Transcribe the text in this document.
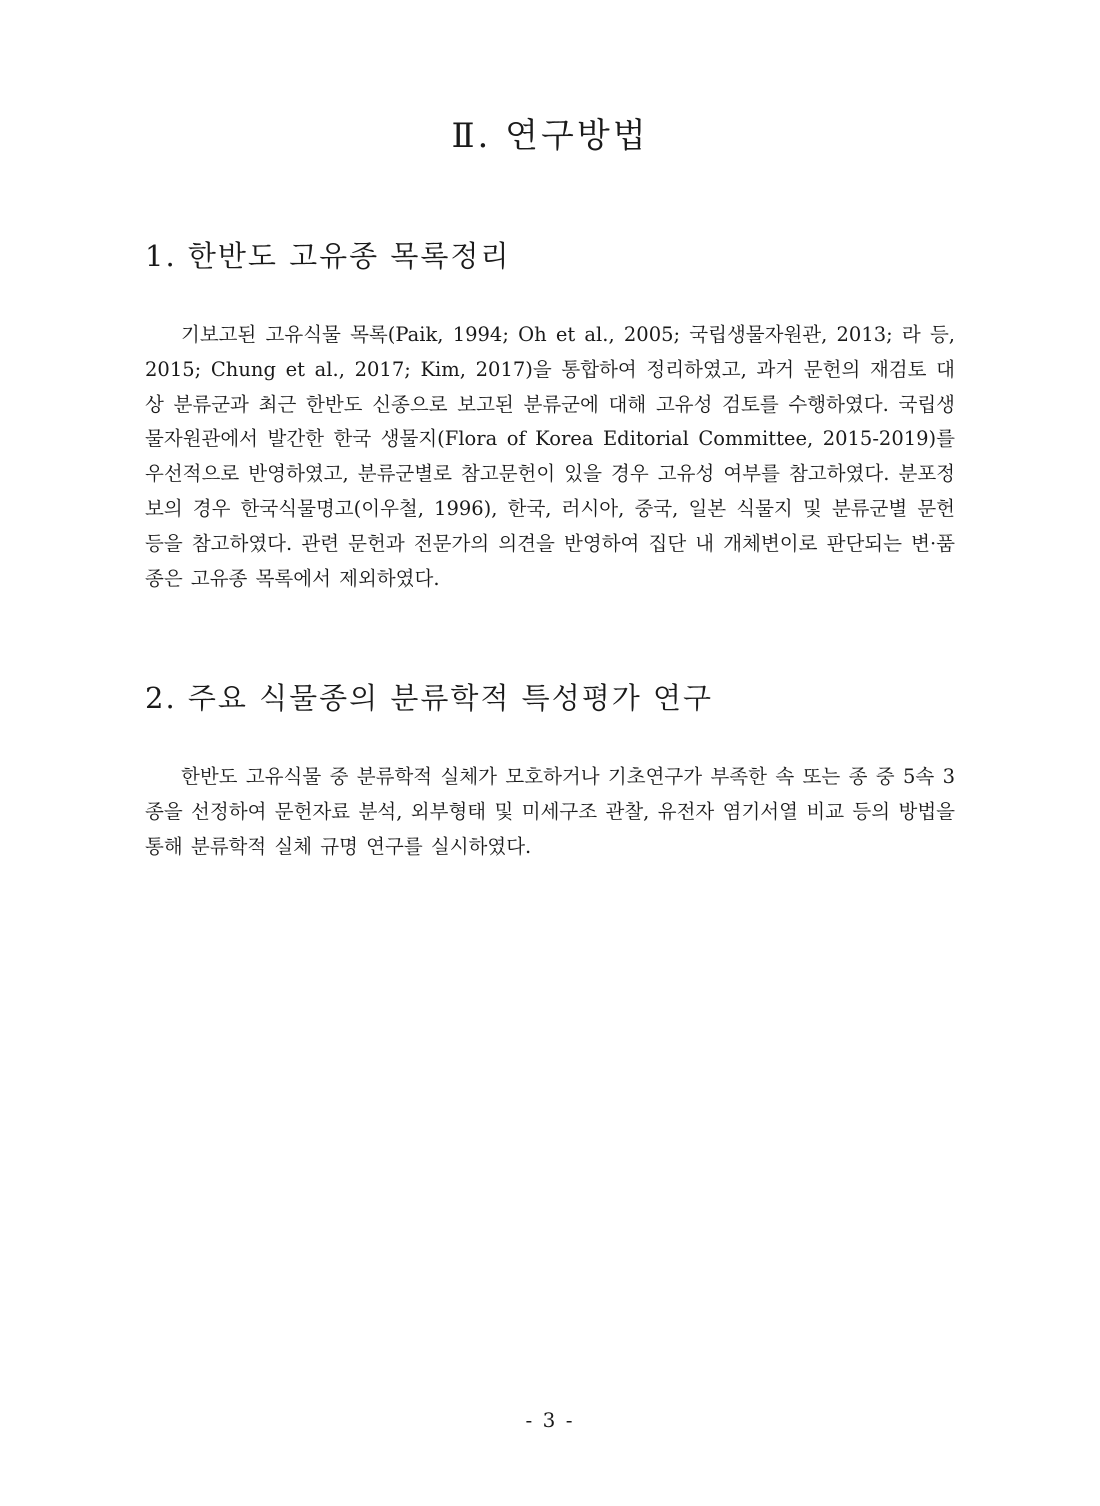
Ⅱ. 연구방법
1. 한반도 고유종 목록정리

기보고된 고유식물 목록(Paik, 1994; Oh et al., 2005; 국립생물자원관, 2013; 라 등, 2015; Chung et al., 2017; Kim, 2017)을 통합하여 정리하였고, 과거 문헌의 재검토 대상 분류군과 최근 한반도 신종으로 보고된 분류군에 대해 고유성 검토를 수행하였다. 국립생물자원관에서 발간한 한국 생물지(Flora of Korea Editorial Committee, 2015-2019)를 우선적으로 반영하였고, 분류군별로 참고문헌이 있을 경우 고유성 여부를 참고하였다. 분포정보의 경우 한국식물명고(이우철, 1996), 한국, 러시아, 중국, 일본 식물지 및 분류군별 문헌 등을 참고하였다. 관련 문헌과 전문가의 의견을 반영하여 집단 내 개체변이로 판단되는 변·품종은 고유종 목록에서 제외하였다.

2. 주요 식물종의 분류학적 특성평가 연구

한반도 고유식물 중 분류학적 실체가 모호하거나 기초연구가 부족한 속 또는 종 중 5속 3종을 선정하여 문헌자료 분석, 외부형태 및 미세구조 관찰, 유전자 염기서열 비교 등의 방법을 통해 분류학적 실체 규명 연구를 실시하였다.

- 3 -
